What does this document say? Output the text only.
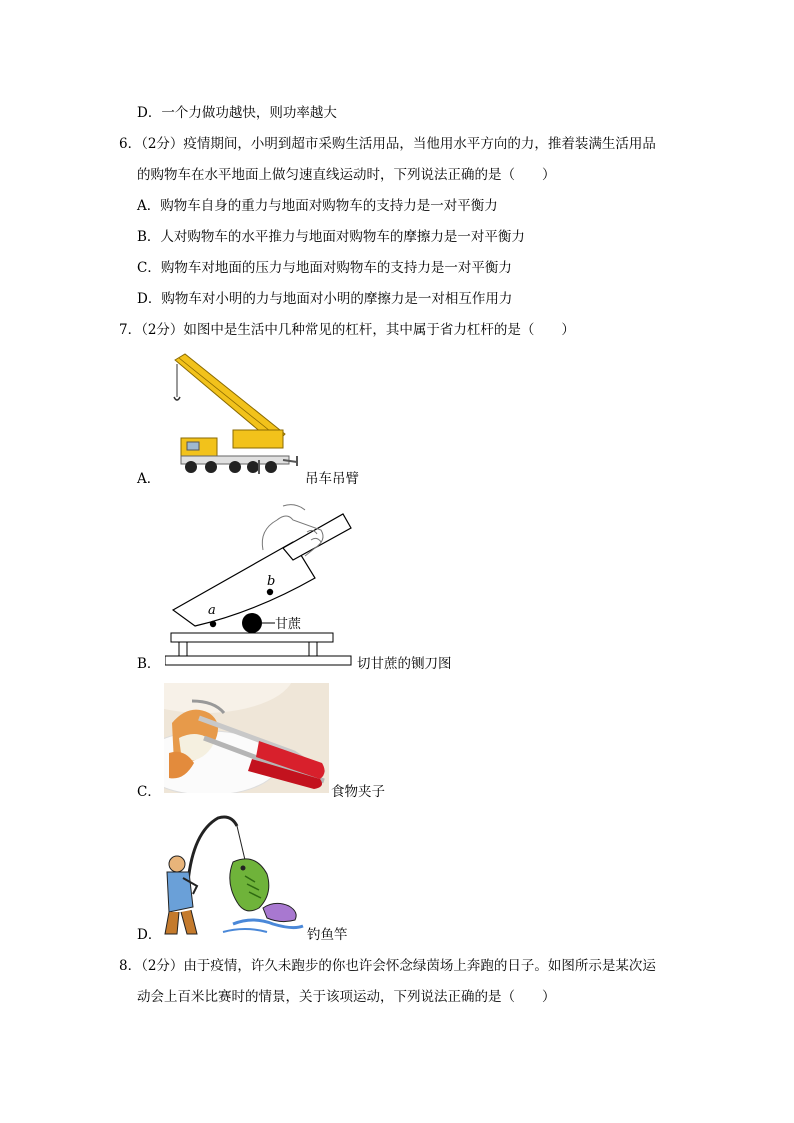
D．一个力做功越快，则功率越大
6．（2分）疫情期间，小明到超市采购生活用品，当他用水平方向的力，推着装满生活用品
的购物车在水平地面上做匀速直线运动时，下列说法正确的是（　　）
A．购物车自身的重力与地面对购物车的支持力是一对平衡力
B．人对购物车的水平推力与地面对购物车的摩擦力是一对平衡力
C．购物车对地面的压力与地面对购物车的支持力是一对平衡力
D．购物车对小明的力与地面对小明的摩擦力是一对相互作用力
7．（2分）如图中是生活中几种常见的杠杆，其中属于省力杠杆的是（　　）
A．	吊车吊臂
a
b
甘蔗
B．	切甘蔗的铡刀图
C．	食物夹子
D．	钓鱼竿
8．（2分）由于疫情，许久未跑步的你也许会怀念绿茵场上奔跑的日子。如图所示是某次运
动会上百米比赛时的情景，关于该项运动，下列说法正确的是（　　）
